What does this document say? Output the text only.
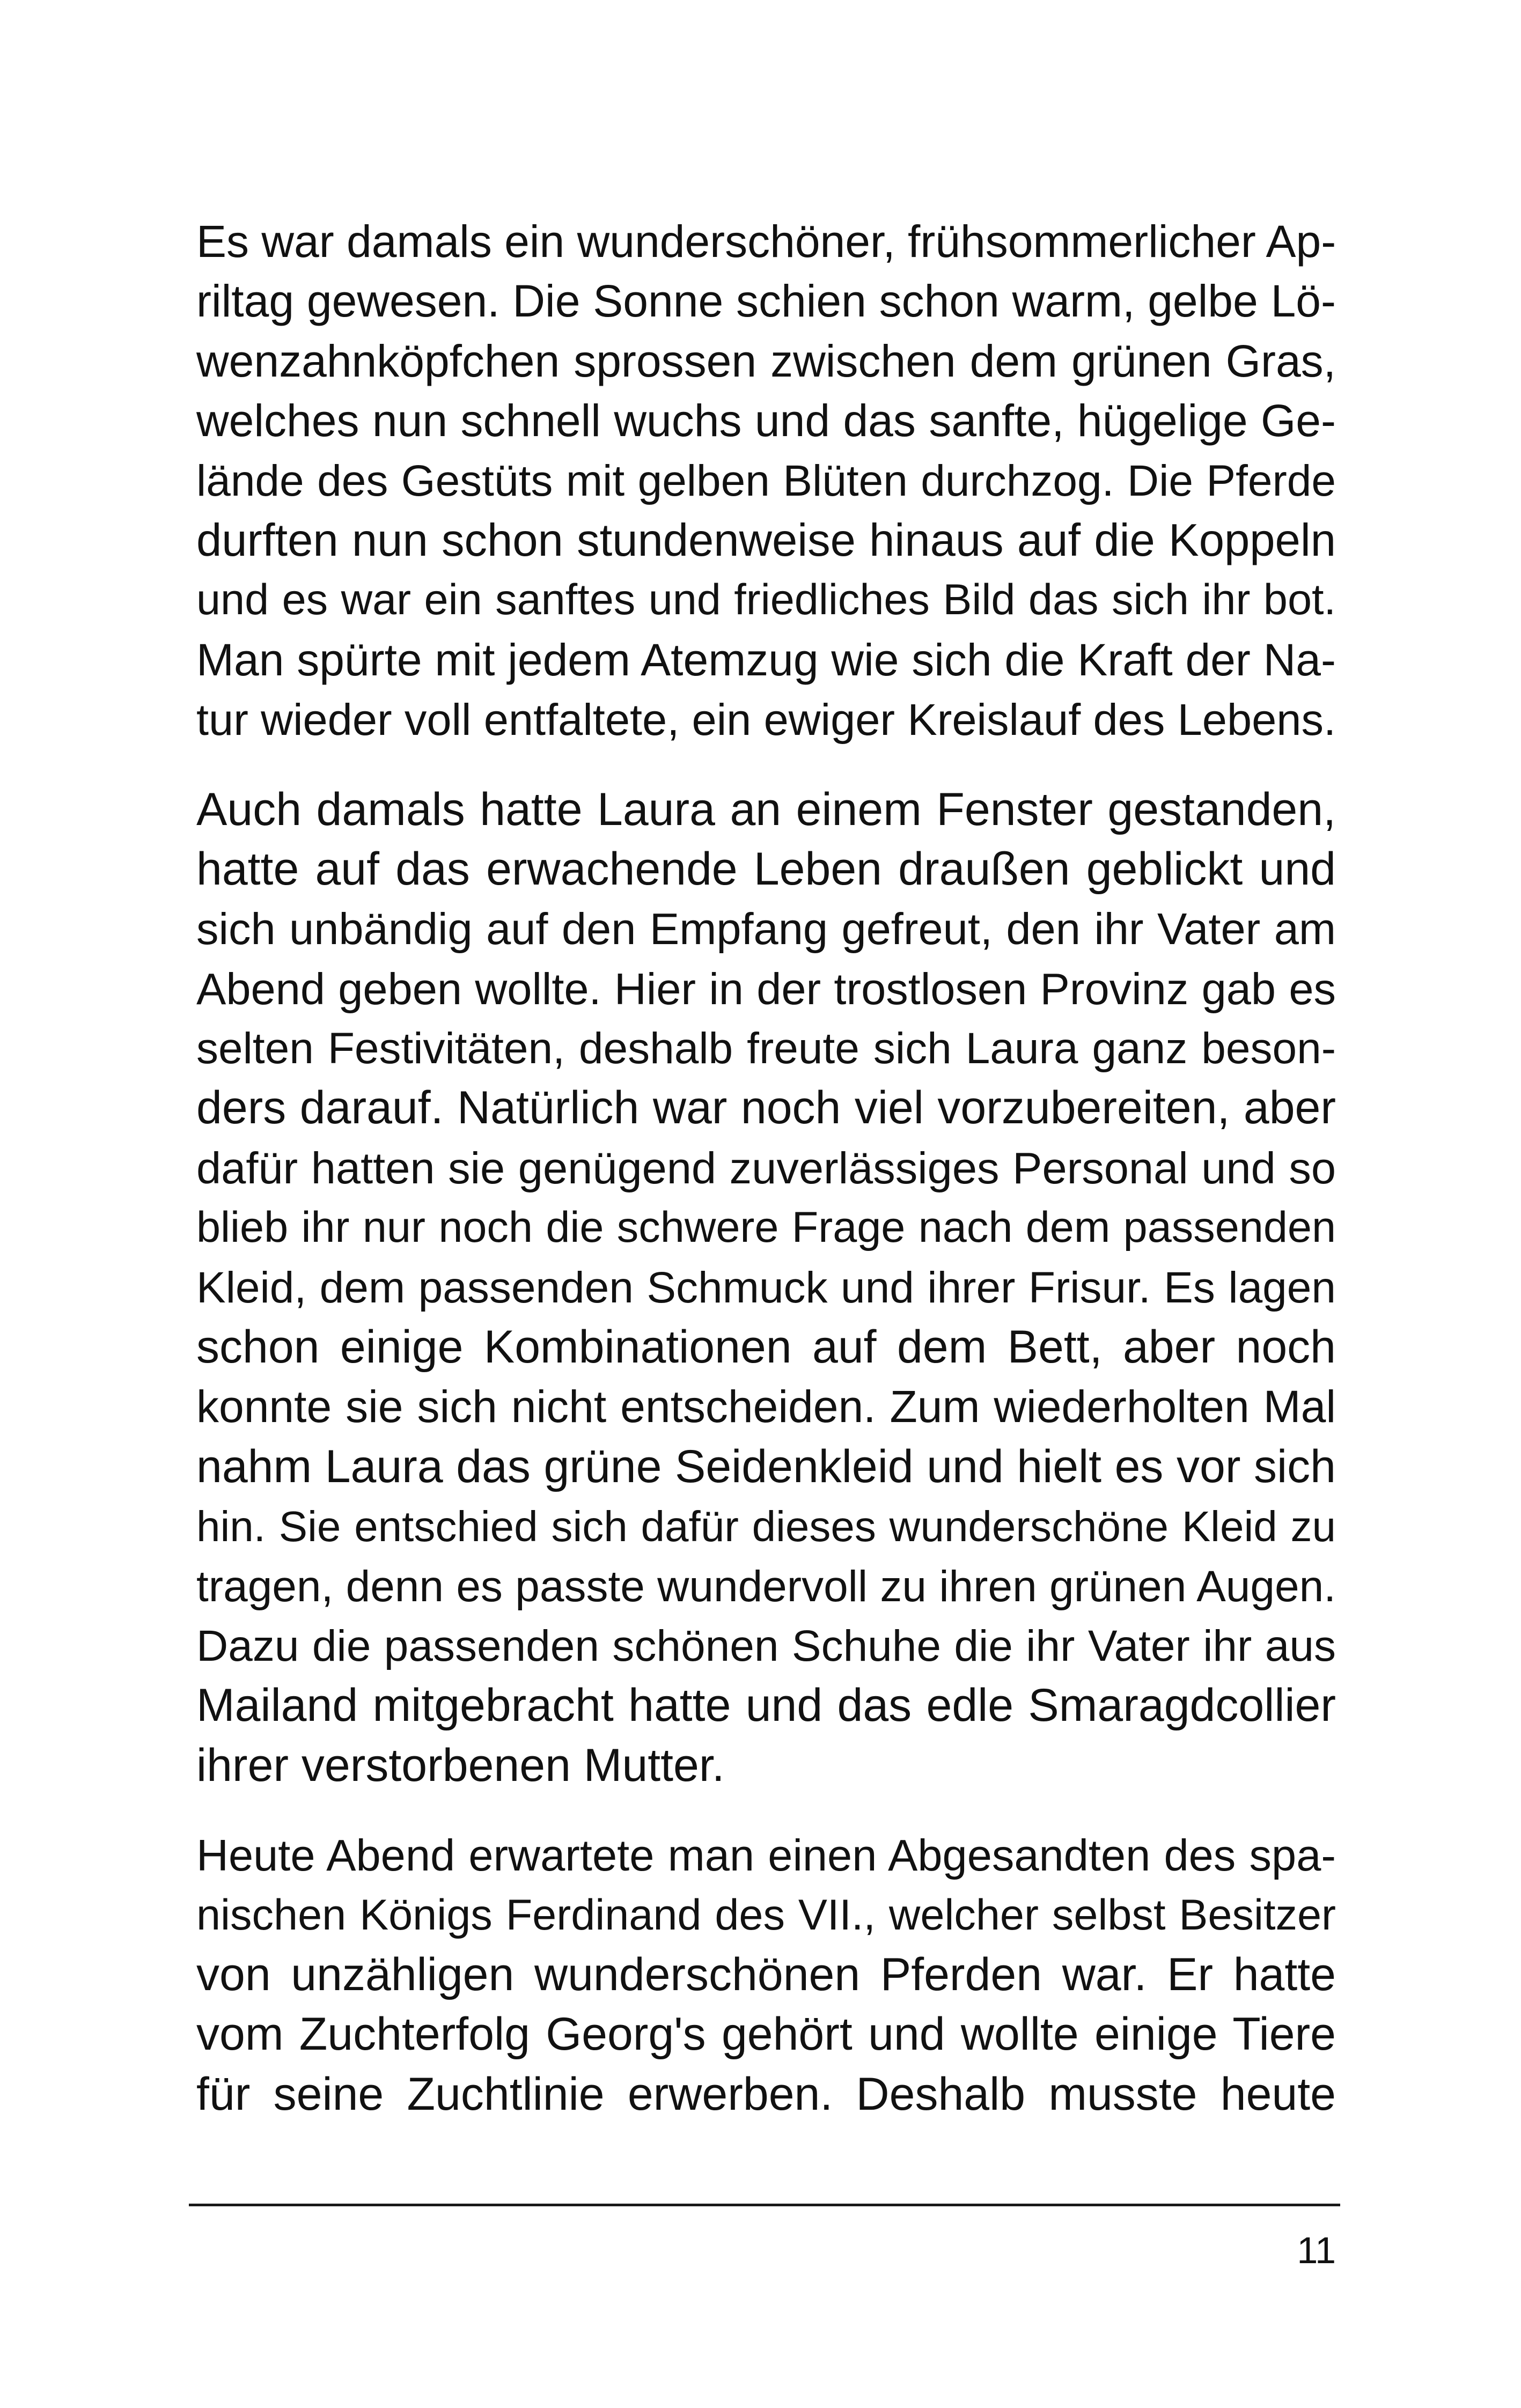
Es war damals ein wunderschöner, frühsommerlicher Ap-
riltag gewesen. Die Sonne schien schon warm, gelbe Lö-
wenzahnköpfchen sprossen zwischen dem grünen Gras,
welches nun schnell wuchs und das sanfte, hügelige Ge-
lände des Gestüts mit gelben Blüten durchzog. Die Pferde
durften nun schon stundenweise hinaus auf die Koppeln
und es war ein sanftes und friedliches Bild das sich ihr bot.
Man spürte mit jedem Atemzug wie sich die Kraft der Na-
tur wieder voll entfaltete, ein ewiger Kreislauf des Lebens.
Auch damals hatte Laura an einem Fenster gestanden,
hatte auf das erwachende Leben draußen geblickt und
sich unbändig auf den Empfang gefreut, den ihr Vater am
Abend geben wollte. Hier in der trostlosen Provinz gab es
selten Festivitäten, deshalb freute sich Laura ganz beson-
ders darauf. Natürlich war noch viel vorzubereiten, aber
dafür hatten sie genügend zuverlässiges Personal und so
blieb ihr nur noch die schwere Frage nach dem passenden
Kleid, dem passenden Schmuck und ihrer Frisur. Es lagen
schon einige Kombinationen auf dem Bett, aber noch
konnte sie sich nicht entscheiden. Zum wiederholten Mal
nahm Laura das grüne Seidenkleid und hielt es vor sich
hin. Sie entschied sich dafür dieses wunderschöne Kleid zu
tragen, denn es passte wundervoll zu ihren grünen Augen.
Dazu die passenden schönen Schuhe die ihr Vater ihr aus
Mailand mitgebracht hatte und das edle Smaragdcollier
ihrer verstorbenen Mutter.
Heute Abend erwartete man einen Abgesandten des spa-
nischen Königs Ferdinand des VII., welcher selbst Besitzer
von unzähligen wunderschönen Pferden war. Er hatte
vom Zuchterfolg Georg's gehört und wollte einige Tiere
für seine Zuchtlinie erwerben. Deshalb musste heute
11
